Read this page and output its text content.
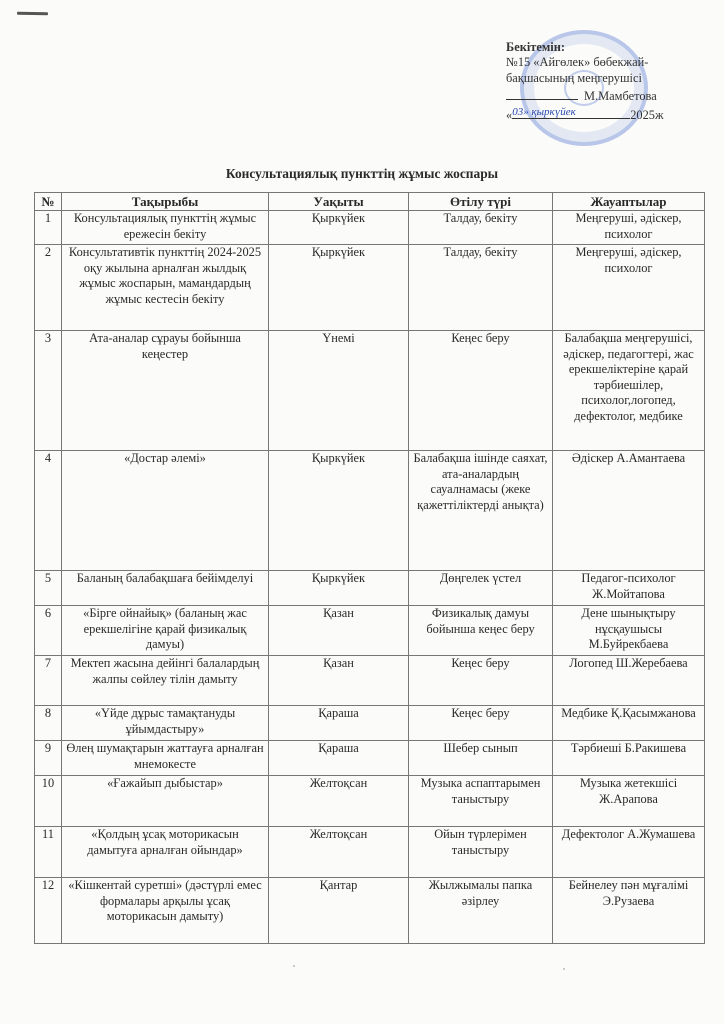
Бекітемін:
№15 «Айгөлек» бөбекжай-
бақшасының меңгерушісі
М.Мамбетова
«03» қыркүйек	2025ж
Консультациялық пункттің жұмыс жоспары
№	Тақырыбы	Уақыты	Өтілу түрі	Жауаптылар
1	Консультациялық пункттің жұмыс ережесін бекіту	Қыркүйек	Талдау, бекіту	Меңгеруші, әдіскер, психолог
2	Консультативтік пункттің 2024-2025 оқу жылына арналған жылдық жұмыс жоспарын, мамандардың жұмыс кестесін бекіту	Қыркүйек	Талдау, бекіту	Меңгеруші, әдіскер, психолог
3	Ата-аналар сұрауы бойынша кеңестер	Үнемі	Кеңес беру	Балабақша меңгерушісі, әдіскер, педагогтері, жас ерекшеліктеріне қарай тәрбиешілер, психолог,логопед, дефектолог, медбике
4	«Достар әлемі»	Қыркүйек	Балабақша ішінде саяхат, ата-аналардың сауалнамасы (жеке қажеттіліктерді анықта)	Әдіскер А.Амантаева
5	Баланың балабақшаға бейімделуі	Қыркүйек	Дөңгелек үстел	Педагог-психолог Ж.Мойтапова
6	«Бірге ойнайық» (баланың жас ерекшелігіне қарай физикалық дамуы)	Қазан	Физикалық дамуы бойынша кеңес беру	Дене шынықтыру нұсқаушысы М.Буйрекбаева
7	Мектеп жасына дейінгі балалардың жалпы сөйлеу тілін дамыту	Қазан	Кеңес беру	Логопед Ш.Жеребаева
8	«Үйде дұрыс тамақтануды ұйымдастыру»	Қараша	Кеңес беру	Медбике Қ.Қасымжанова
9	Өлең шумақтарын жаттауға арналған мнемокесте	Қараша	Шебер сынып	Тәрбиеші Б.Ракишева
10	«Ғажайып дыбыстар»	Желтоқсан	Музыка аспаптарымен таныстыру	Музыка жетекшісі Ж.Арапова
11	«Қолдың ұсақ моторикасын дамытуға арналған ойындар»	Желтоқсан	Ойын түрлерімен таныстыру	Дефектолог А.Жумашева
12	«Кішкентай суретші» (дәстүрлі емес формалары арқылы ұсақ моторикасын дамыту)	Қантар	Жылжымалы папка әзірлеу	Бейнелеу пән мұғалімі Э.Рузаева
